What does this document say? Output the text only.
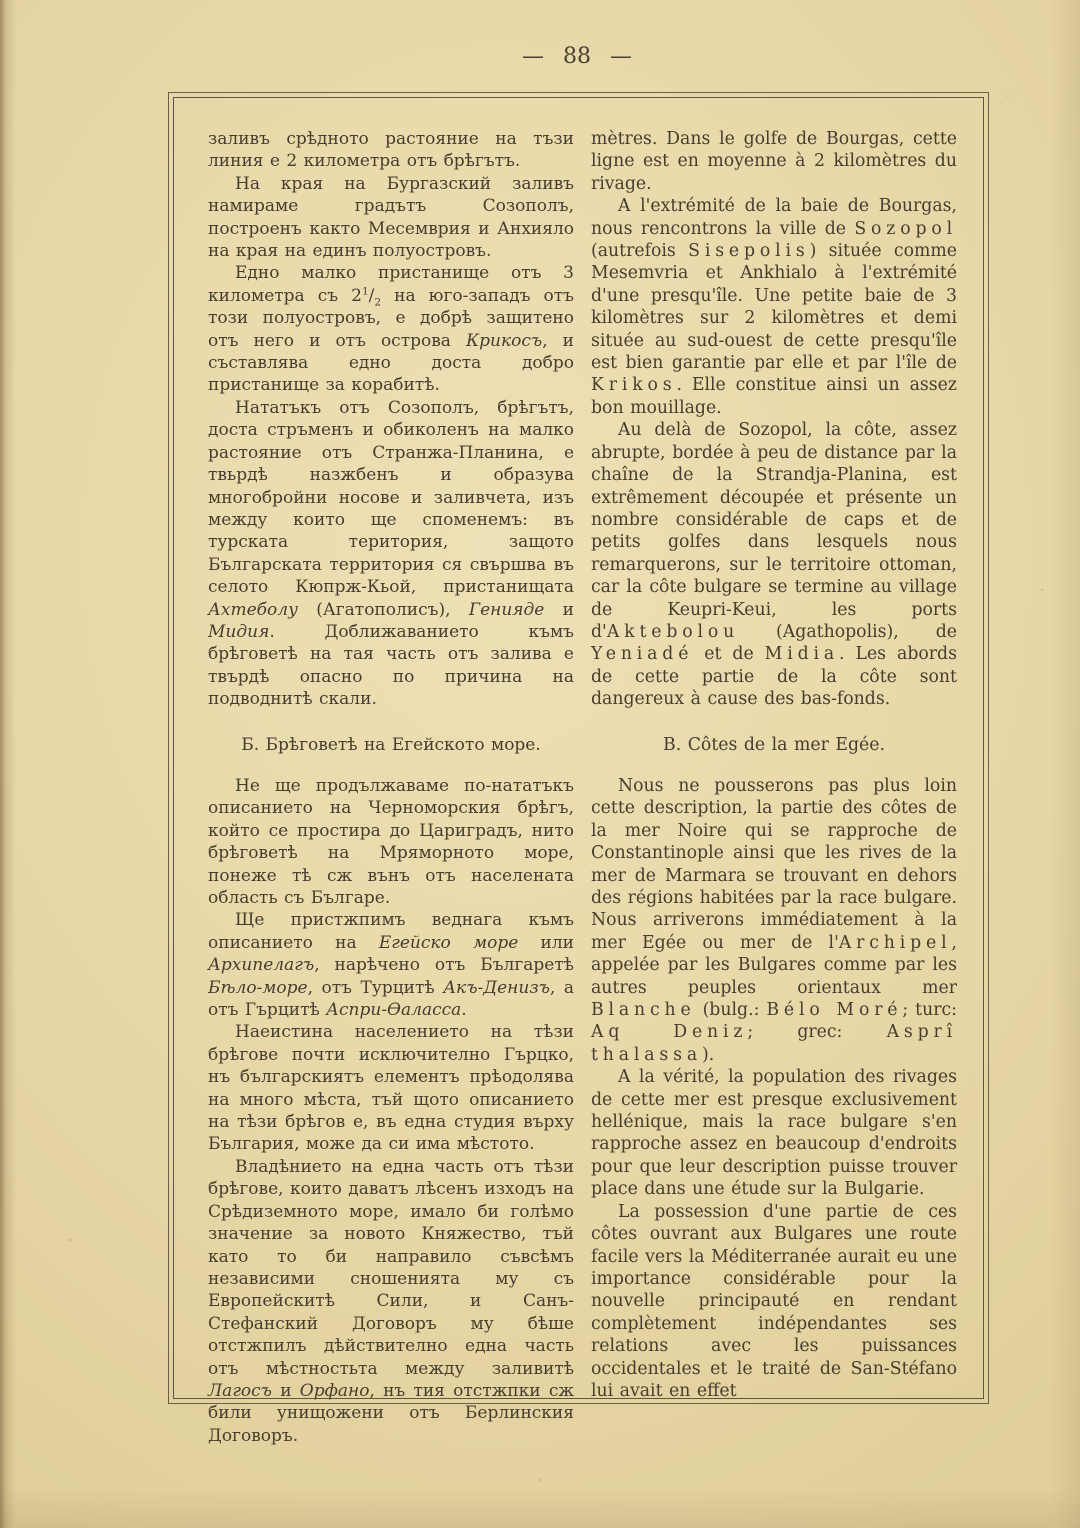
— 88 —

заливъ срѣдното растояние на тъзи линия е 2 километра отъ брѣгътъ.

На края на Бургазский заливъ намираме градътъ Созополъ, построенъ както Месемврия и Анхияло на края на единъ полуостровъ.

Едно малко пристанище отъ 3 километра съ $2^1/_2$ на юго-западъ отъ този полуостровъ, е добрѣ защитено отъ него и отъ острова Крикосъ, и съставлява едно доста добро пристанище за корабитѣ.

Нататъкъ отъ Созополъ, брѣгътъ, доста стръменъ и обиколенъ на малко растояние отъ Странжа-Планина, е твьрдѣ назжбенъ и образува многобройни носове и заливчета, изъ между които ще споменемъ: въ турската територия, защото Българската территория ся свършва въ селото Кюпрж-Кьой, пристанищата Ахтеболу (Агатополисъ), Генияде и Мидия. Доближаванието къмъ брѣговетѣ на тая часть отъ залива е твърдѣ опасно по причина на подводнитѣ скали.

Б. Брѣговетѣ на Егейското море.

Не ще продължаваме по-нататъкъ описанието на Черноморския брѣгъ, който се простира до Цариградъ, нито брѣговетѣ на Мряморното море, понеже тѣ сж вънъ отъ населената область съ Българе.

Ще пристжпимъ веднага къмъ описанието на Егейско море или Архипелагъ, нарѣчено отъ Българетѣ Бѣло-море, отъ Турцитѣ Акъ-Денизъ, а отъ Гърцитѣ Аспри-Ѳаласса.

Наеистина населението на тѣзи брѣгове почти исключително Гърцко, нъ българскиятъ елементъ прѣодолява на много мѣста, тъй щото описанието на тѣзи брѣгов е, въ една студия върху България, може да си има мѣстото.

Владѣнието на една часть отъ тѣзи брѣгове, които даватъ лѣсенъ изходъ на Срѣдиземното море, имало би голѣмо значение за новото Княжество, тъй като то би направило съвсѣмъ независими сношенията му съ Европейскитѣ Сили, и Санъ-Стефанский Договоръ му бѣше отстжпилъ дѣйствително една часть отъ мѣстностьта между заливитѣ Лагосъ и Орфано, нъ тия отстжпки сж били унищожени отъ Берлинския Договоръ.

mètres. Dans le golfe de Bourgas, cette ligne est en moyenne à 2 kilomètres du rivage.

A l'extrémité de la baie de Bourgas, nous rencontrons la ville de Sozopol (autrefois Sisepolis) située comme Mesemvria et Ankhialo à l'extrémité d'une presqu'île. Une petite baie de 3 kilomètres sur 2 kilomètres et demi située au sud-ouest de cette presqu'île est bien garantie par elle et par l'île de Krikos. Elle constitue ainsi un assez bon mouillage.

Au delà de Sozopol, la côte, assez abrupte, bordée à peu de distance par la chaîne de la Strandja-Planina, est extrêmement découpée et présente un nombre considérable de caps et de petits golfes dans lesquels nous remarquerons, sur le territoire ottoman, car la côte bulgare se termine au village de Keupri-Keui, les ports d'Aktebolou (Agathopolis), de Yeniadé et de Midia. Les abords de cette partie de la côte sont dangereux à cause des bas-fonds.

B. Côtes de la mer Egée.

Nous ne pousserons pas plus loin cette description, la partie des côtes de la mer Noire qui se rapproche de Constantinople ainsi que les rives de la mer de Marmara se trouvant en dehors des régions habitées par la race bulgare. Nous arriverons immédiatement à la mer Egée ou mer de l'Archipel, appelée par les Bulgares comme par les autres peuples orientaux mer Blanche (bulg.: Bélo Moré; turc: Aq Deniz; grec: Asprî thalassa).

A la vérité, la population des rivages de cette mer est presque exclusivement hellénique, mais la race bulgare s'en rapproche assez en beaucoup d'endroits pour que leur description puisse trouver place dans une étude sur la Bulgarie.

La possession d'une partie de ces côtes ouvrant aux Bulgares une route facile vers la Méditerranée aurait eu une importance considérable pour la nouvelle principauté en rendant complètement indépendantes ses relations avec les puissances occidentales et le traité de San-Stéfano lui avait en effet
